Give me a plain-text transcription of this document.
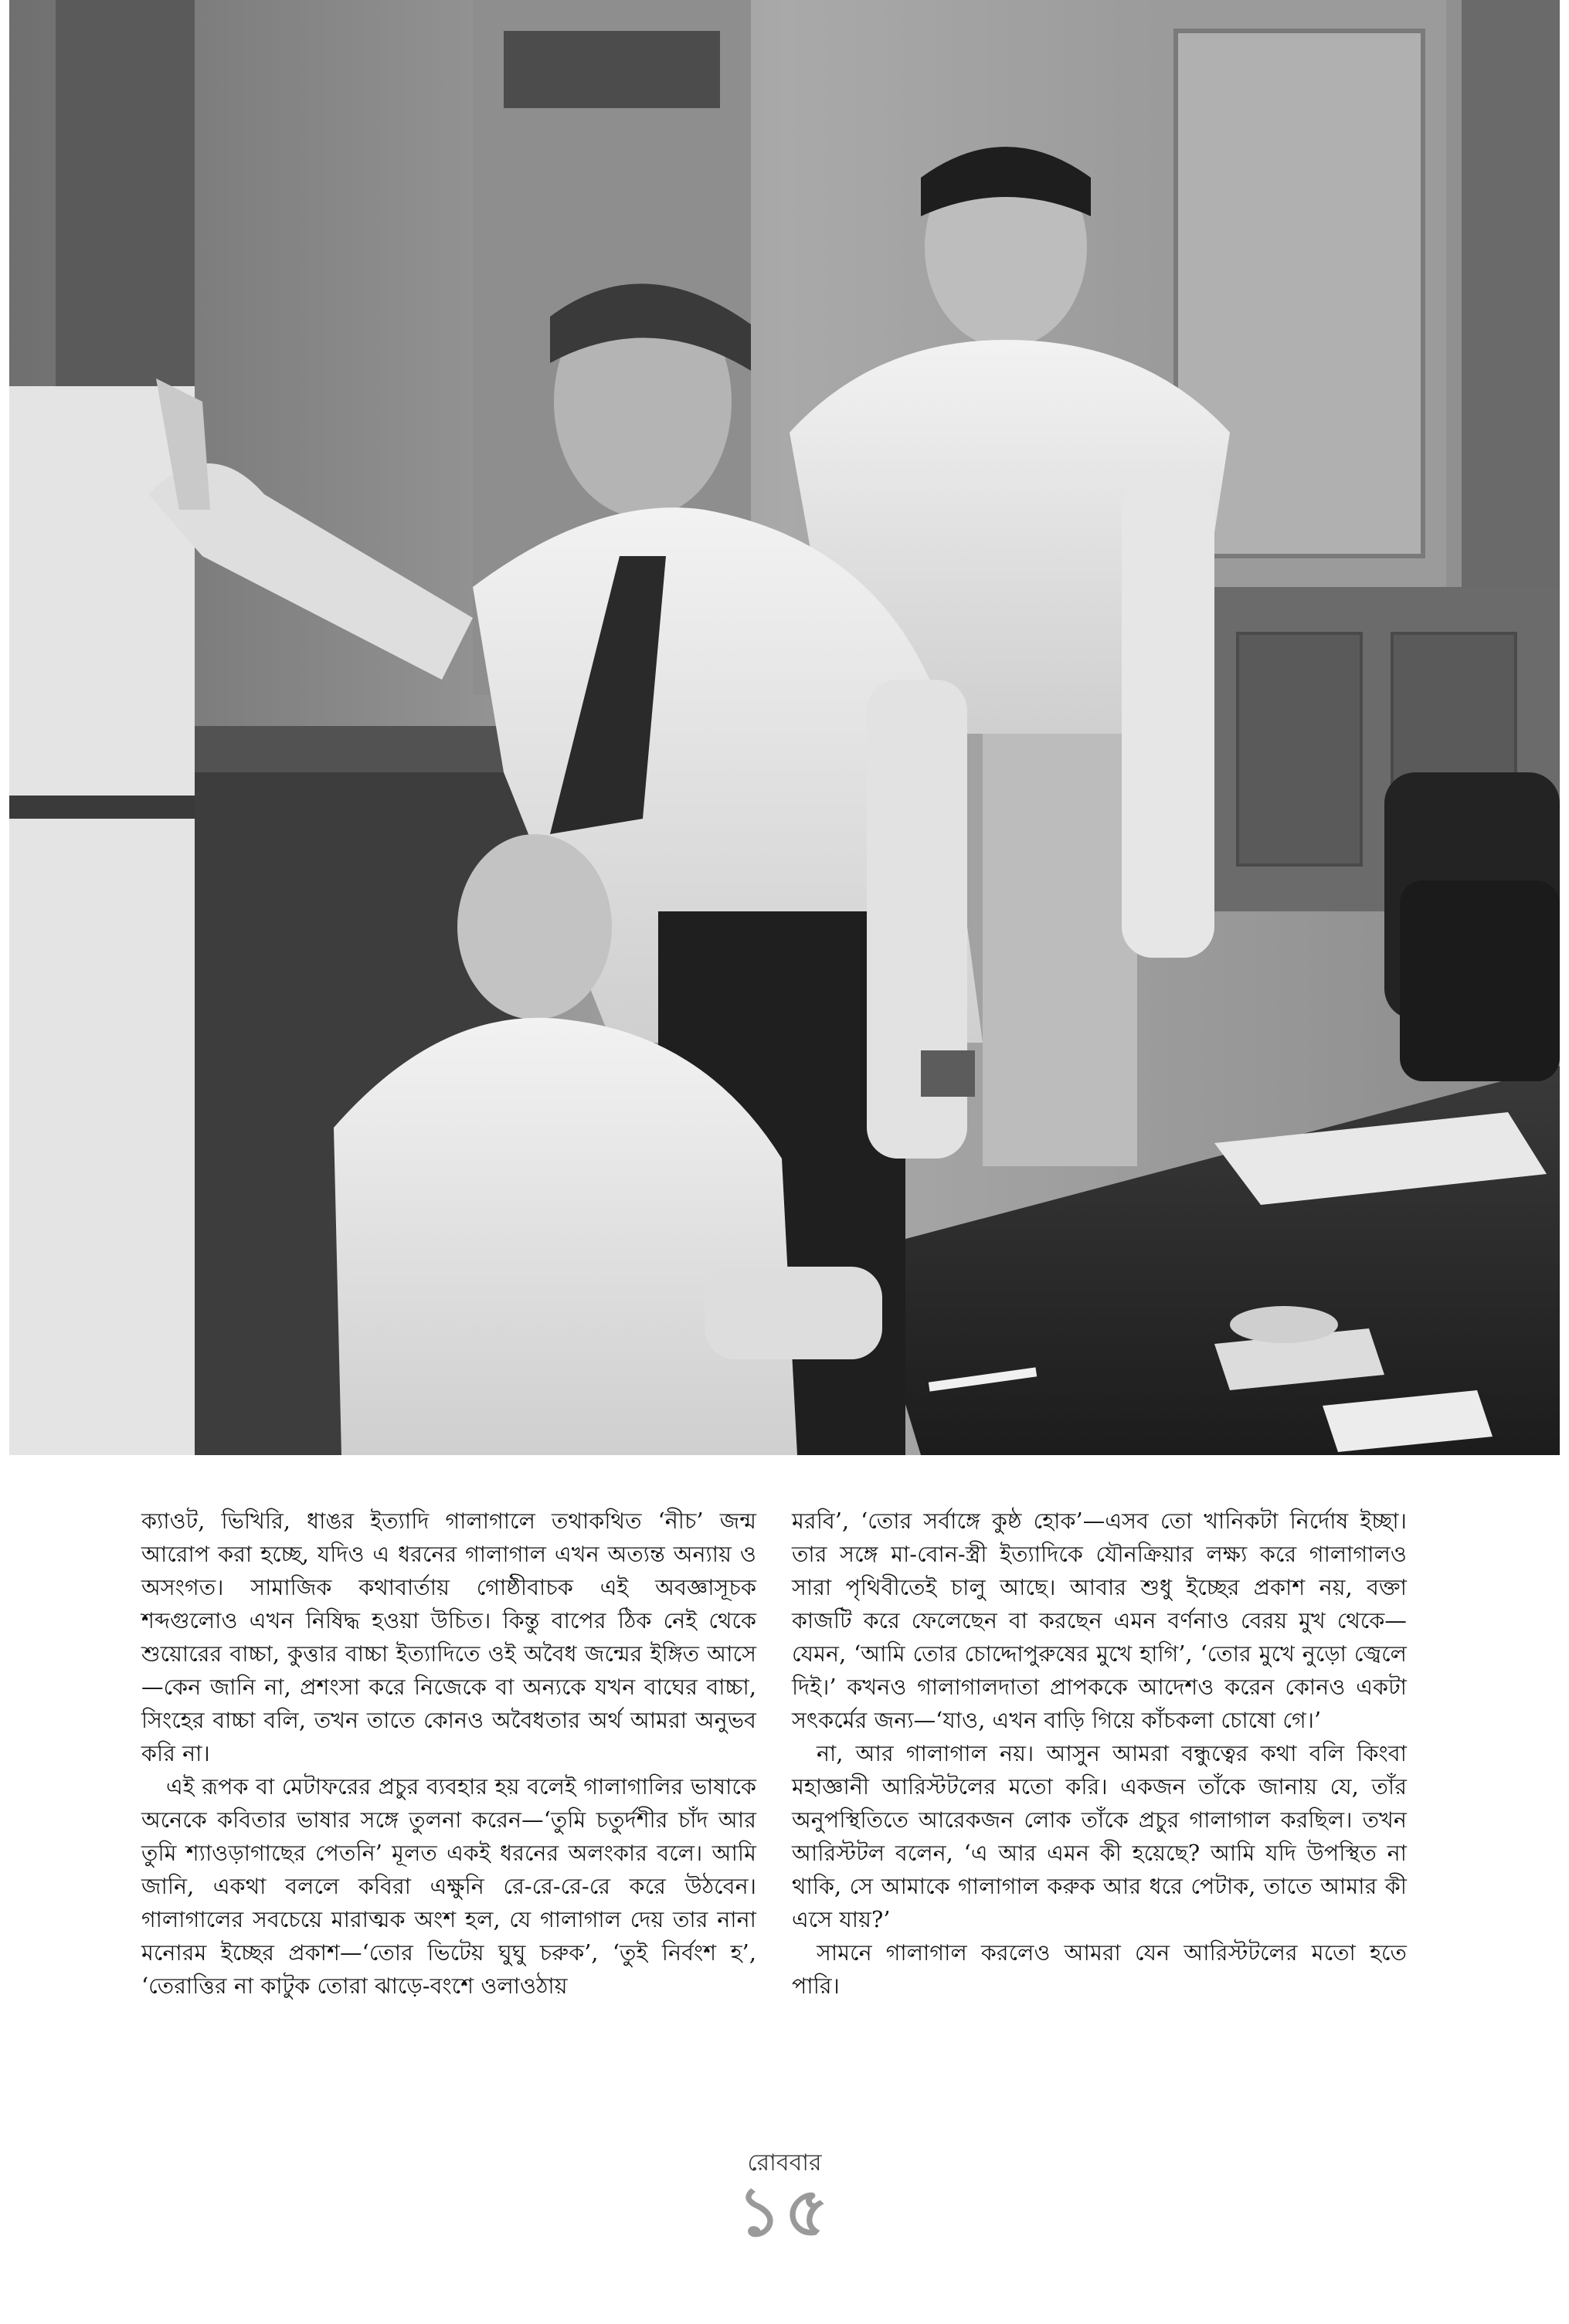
ক্যাওট, ভিখিরি, ধাঙর ইত্যাদি গালাগালে তথাকথিত ‘নীচ’ জন্ম আরোপ করা হচ্ছে, যদিও এ ধরনের গালাগাল এখন অত্যন্ত অন্যায় ও অসংগত। সামাজিক কথাবার্তায় গোষ্ঠীবাচক এই অবজ্ঞাসূচক শব্দগুলোও এখন নিষিদ্ধ হওয়া উচিত। কিন্তু বাপের ঠিক নেই থেকে শুয়োরের বাচ্চা, কুত্তার বাচ্চা ইত্যাদিতে ওই অবৈধ জন্মের ইঙ্গিত আসে—কেন জানি না, প্রশংসা করে নিজেকে বা অন্যকে যখন বাঘের বাচ্চা, সিংহের বাচ্চা বলি, তখন তাতে কোনও অবৈধতার অর্থ আমরা অনুভব করি না।

এই রূপক বা মেটাফরের প্রচুর ব্যবহার হয় বলেই গালাগালির ভাষাকে অনেকে কবিতার ভাষার সঙ্গে তুলনা করেন—‘তুমি চতুর্দশীর চাঁদ আর তুমি শ্যাওড়াগাছের পেতনি’ মূলত একই ধরনের অলংকার বলে। আমি জানি, একথা বললে কবিরা এক্ষুনি রে-রে-রে-রে করে উঠবেন। গালাগালের সবচেয়ে মারাত্মক অংশ হল, যে গালাগাল দেয় তার নানা মনোরম ইচ্ছের প্রকাশ—‘তোর ভিটেয় ঘুঘু চরুক’, ‘তুই নির্বংশ হ’, ‘তেরাত্তির না কাটুক তোরা ঝাড়ে-বংশে ওলাওঠায়

মরবি’, ‘তোর সর্বাঙ্গে কুষ্ঠ হোক’—এসব তো খানিকটা নির্দোষ ইচ্ছা। তার সঙ্গে মা-বোন-স্ত্রী ইত্যাদিকে যৌনক্রিয়ার লক্ষ্য করে গালাগালও সারা পৃথিবীতেই চালু আছে। আবার শুধু ইচ্ছের প্রকাশ নয়, বক্তা কাজটি করে ফেলেছেন বা করছেন এমন বর্ণনাও বেরয় মুখ থেকে—যেমন, ‘আমি তোর চোদ্দোপুরুষের মুখে হাগি’, ‘তোর মুখে নুড়ো জ্বেলে দিই।’ কখনও গালাগালদাতা প্রাপককে আদেশও করেন কোনও একটা সৎকর্মের জন্য—‘যাও, এখন বাড়ি গিয়ে কাঁচকলা চোষো গে।’

না, আর গালাগাল নয়। আসুন আমরা বন্ধুত্বের কথা বলি কিংবা মহাজ্ঞানী আরিস্টটলের মতো করি। একজন তাঁকে জানায় যে, তাঁর অনুপস্থিতিতে আরেকজন লোক তাঁকে প্রচুর গালাগাল করছিল। তখন আরিস্টটল বলেন, ‘এ আর এমন কী হয়েছে? আমি যদি উপস্থিত না থাকি, সে আমাকে গালাগাল করুক আর ধরে পেটাক, তাতে আমার কী এসে যায়?’

সামনে গালাগাল করলেও আমরা যেন আরিস্টটলের মতো হতে পারি।

রোববার
১৫
